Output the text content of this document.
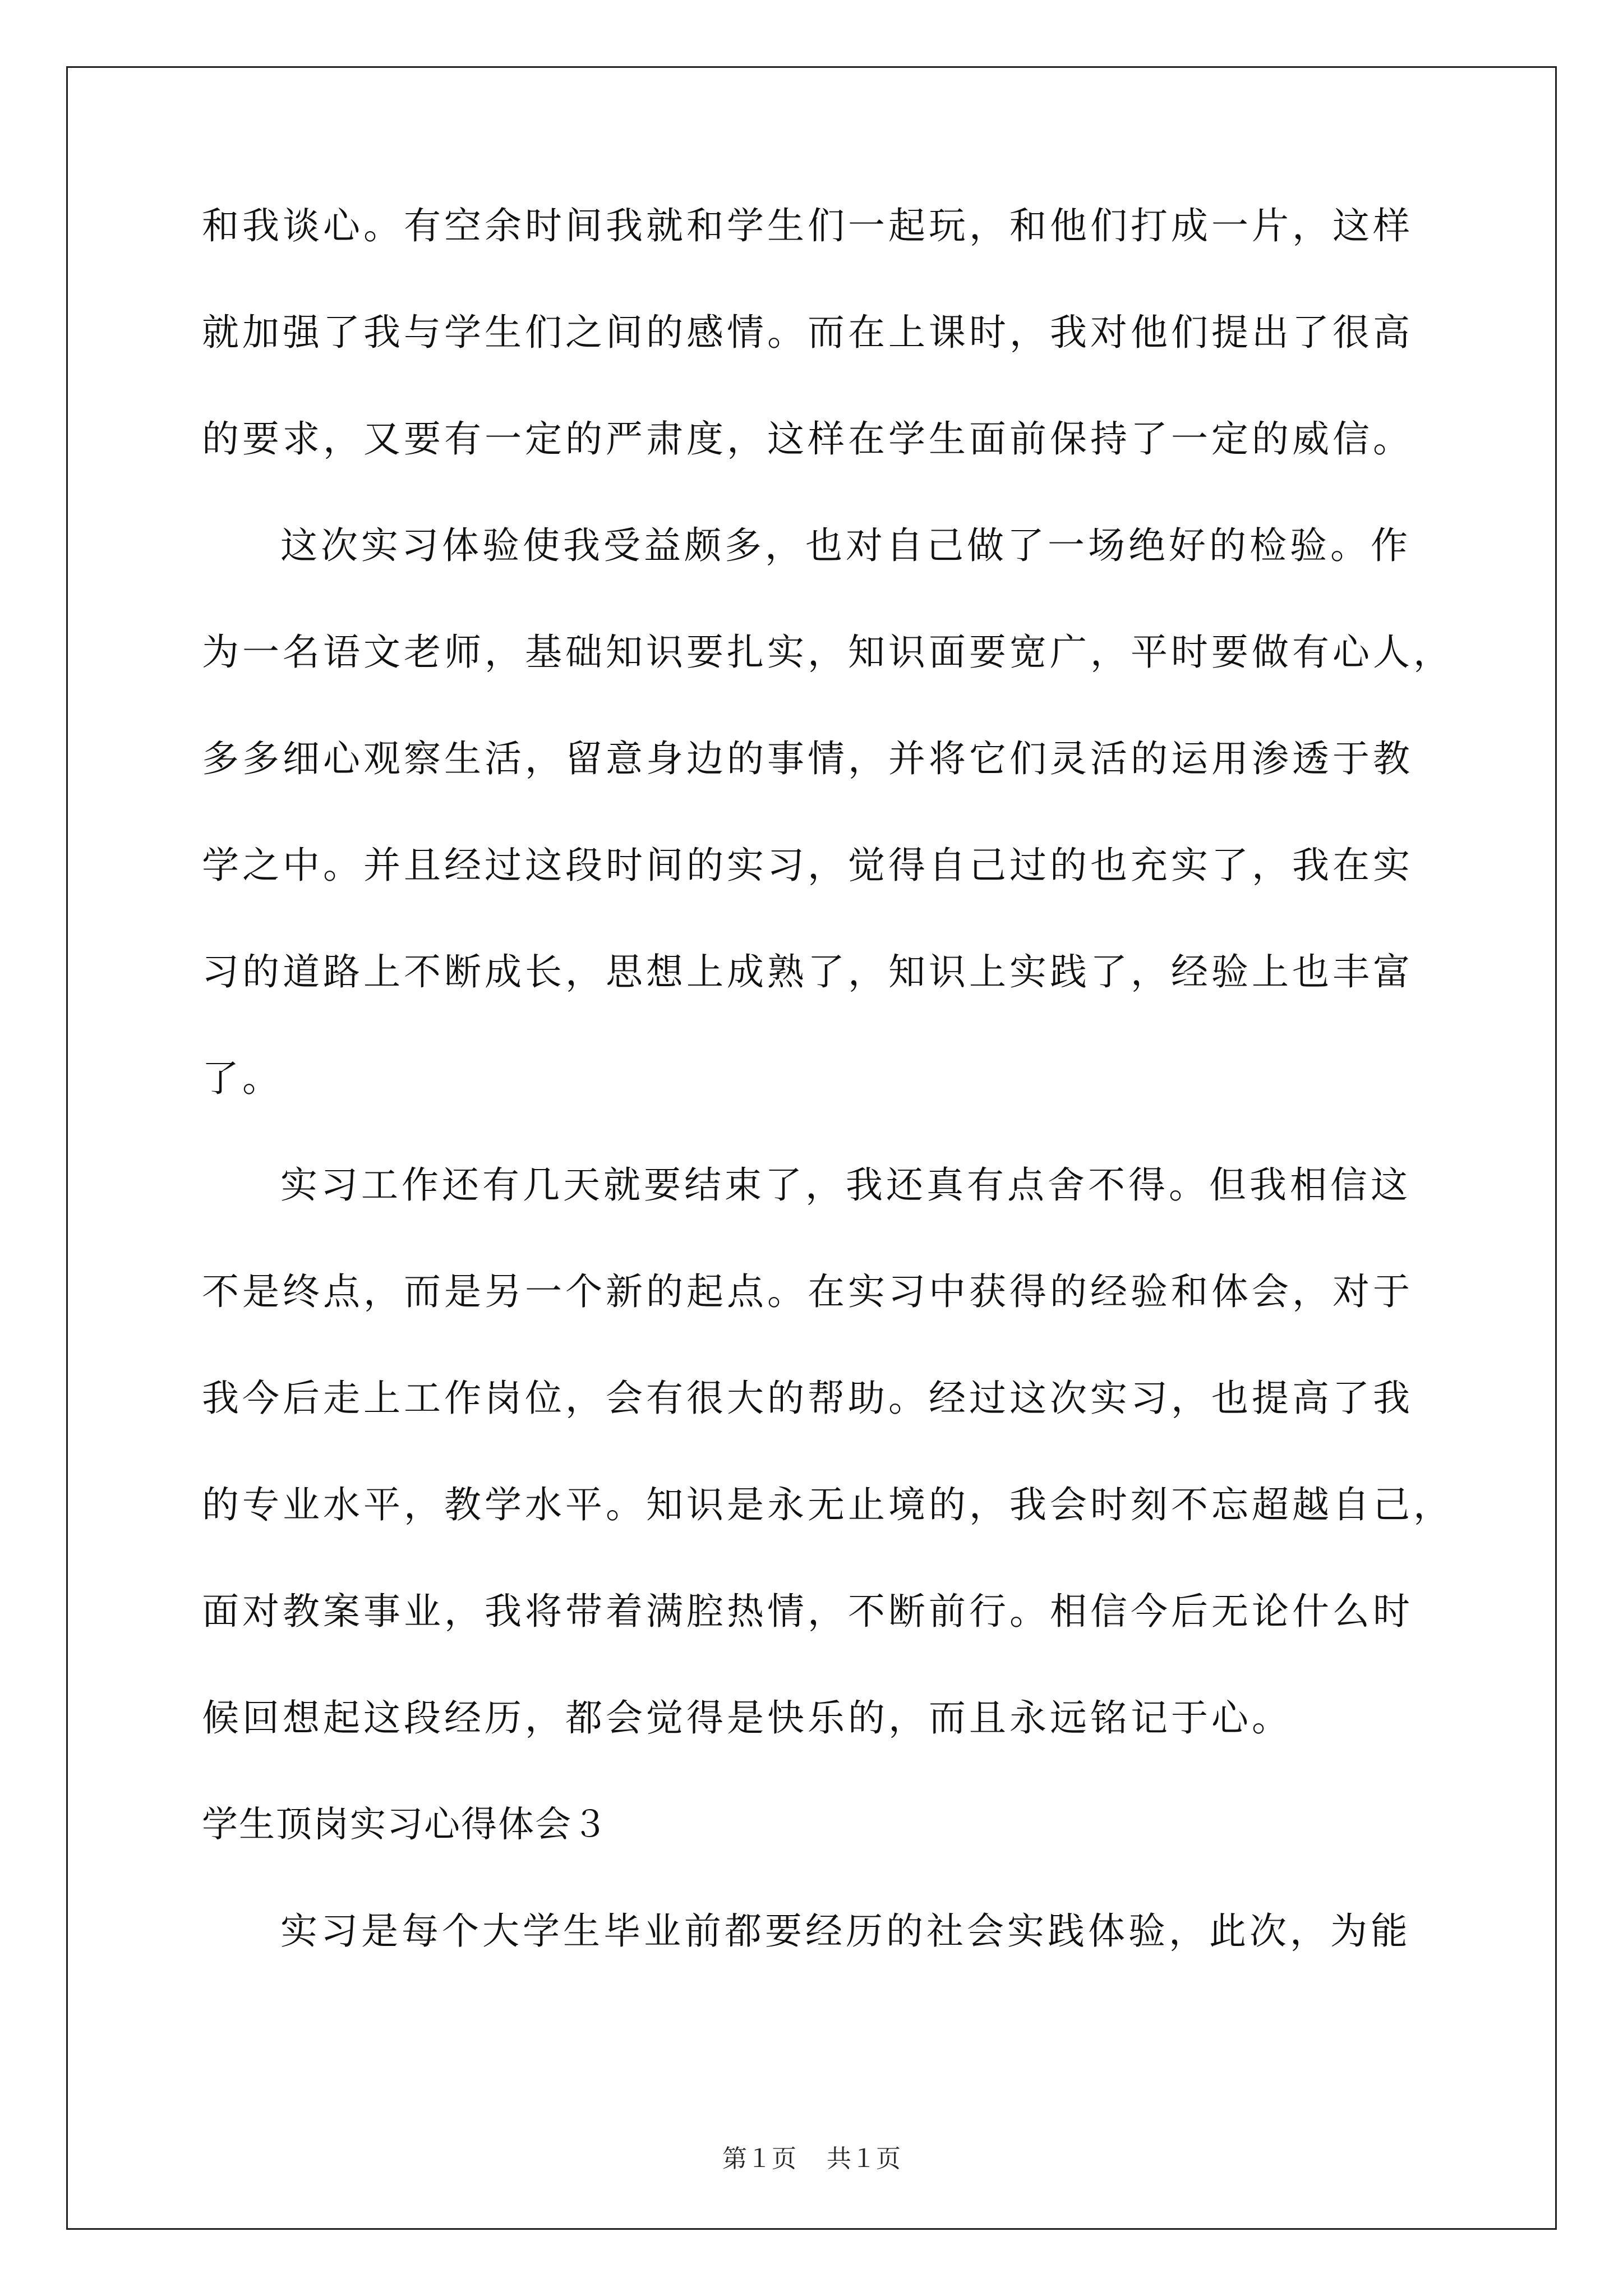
和我谈心。有空余时间我就和学生们一起玩，和他们打成一片，这样
就加强了我与学生们之间的感情。而在上课时，我对他们提出了很高
的要求，又要有一定的严肃度，这样在学生面前保持了一定的威信。
这次实习体验使我受益颇多，也对自己做了一场绝好的检验。作
为一名语文老师，基础知识要扎实，知识面要宽广，平时要做有心人，
多多细心观察生活，留意身边的事情，并将它们灵活的运用渗透于教
学之中。并且经过这段时间的实习，觉得自己过的也充实了，我在实
习的道路上不断成长，思想上成熟了，知识上实践了，经验上也丰富
了。
实习工作还有几天就要结束了，我还真有点舍不得。但我相信这
不是终点，而是另一个新的起点。在实习中获得的经验和体会，对于
我今后走上工作岗位，会有很大的帮助。经过这次实习，也提高了我
的专业水平，教学水平。知识是永无止境的，我会时刻不忘超越自己，
面对教案事业，我将带着满腔热情，不断前行。相信今后无论什么时
候回想起这段经历，都会觉得是快乐的，而且永远铭记于心。
学生顶岗实习心得体会３
实习是每个大学生毕业前都要经历的社会实践体验，此次，为能
第１页 共１页
